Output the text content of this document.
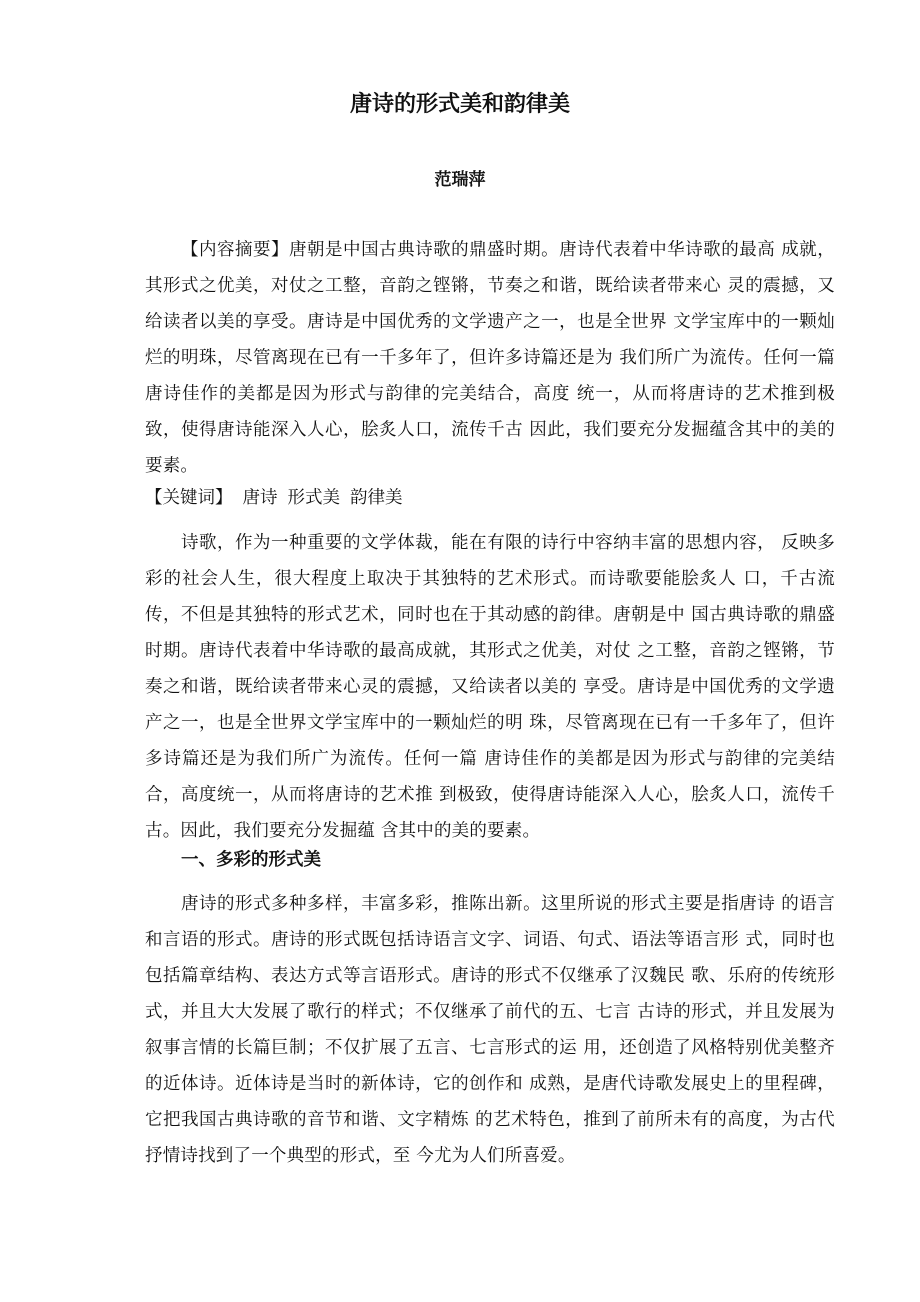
唐诗的形式美和韵律美
范瑞萍

【内容摘要】唐朝是中国古典诗歌的鼎盛时期。唐诗代表着中华诗歌的最高 成就，其形式之优美，对仗之工整，音韵之铿锵，节奏之和谐，既给读者带来心 灵的震撼，又给读者以美的享受。唐诗是中国优秀的文学遗产之一，也是全世界 文学宝库中的一颗灿烂的明珠，尽管离现在已有一千多年了，但许多诗篇还是为 我们所广为流传。任何一篇唐诗佳作的美都是因为形式与韵律的完美结合，高度 统一，从而将唐诗的艺术推到极致，使得唐诗能深入人心，脍炙人口，流传千古 因此，我们要充分发掘蕴含其中的美的要素。

【关键词】 唐诗 形式美 韵律美

诗歌，作为一种重要的文学体裁，能在有限的诗行中容纳丰富的思想内容， 反映多彩的社会人生，很大程度上取决于其独特的艺术形式。而诗歌要能脍炙人 口，千古流传，不但是其独特的形式艺术，同时也在于其动感的韵律。唐朝是中 国古典诗歌的鼎盛时期。唐诗代表着中华诗歌的最高成就，其形式之优美，对仗 之工整，音韵之铿锵，节奏之和谐，既给读者带来心灵的震撼，又给读者以美的 享受。唐诗是中国优秀的文学遗产之一，也是全世界文学宝库中的一颗灿烂的明 珠，尽管离现在已有一千多年了，但许多诗篇还是为我们所广为流传。任何一篇 唐诗佳作的美都是因为形式与韵律的完美结合，高度统一，从而将唐诗的艺术推 到极致，使得唐诗能深入人心，脍炙人口，流传千古。因此，我们要充分发掘蕴 含其中的美的要素。

一、多彩的形式美

唐诗的形式多种多样，丰富多彩，推陈出新。这里所说的形式主要是指唐诗 的语言和言语的形式。唐诗的形式既包括诗语言文字、词语、句式、语法等语言形 式，同时也包括篇章结构、表达方式等言语形式。唐诗的形式不仅继承了汉魏民 歌、乐府的传统形式，并且大大发展了歌行的样式；不仅继承了前代的五、七言 古诗的形式，并且发展为叙事言情的长篇巨制；不仅扩展了五言、七言形式的运 用，还创造了风格特别优美整齐的近体诗。近体诗是当时的新体诗，它的创作和 成熟，是唐代诗歌发展史上的里程碑，它把我国古典诗歌的音节和谐、文字精炼 的艺术特色，推到了前所未有的高度，为古代抒情诗找到了一个典型的形式，至 今尤为人们所喜爱。
